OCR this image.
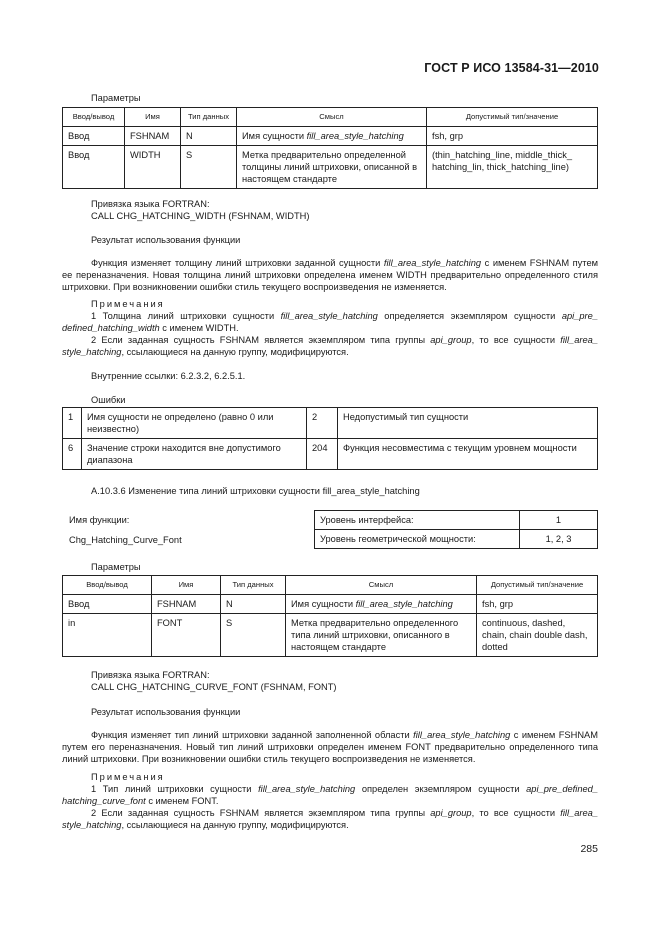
ГОСТ Р ИСО 13584-31—2010
Параметры
Ввод/вывод	Имя	Тип данных	Смысл	Допустимый тип/значение
Ввод	FSHNAM	N	Имя сущности fill_area_style_hatching	fsh, grp
Ввод	WIDTH	S	Метка предварительно определенной толщины линий штриховки, описанной в настоящем стандарте	(thin_hatching_line, middle_thick_ hatching_lin, thick_hatching_line)
Привязка языка FORTRAN:
CALL CHG_HATCHING_WIDTH (FSHNAM, WIDTH)
Результат использования функции
Функция изменяет толщину линий штриховки заданной сущности fill_area_style_hatching с именем FSHNAM путем ее переназначения. Новая толщина линий штриховки определена именем WIDTH предварительно определенного стиля штриховки. При возникновении ошибки стиль текущего воспроизведения не изменяется.
Примечания
1 Толщина линий штриховки сущности fill_area_style_hatching определяется экземпляром сущности api_pre_ defined_hatching_width с именем WIDTH.
2 Если заданная сущность FSHNAM является экземпляром типа группы api_group, то все сущности fill_area_ style_hatching, ссылающиеся на данную группу, модифицируются.
Внутренние ссылки: 6.2.3.2, 6.2.5.1.
Ошибки
1	Имя сущности не определено (равно 0 или неизвестно)	2	Недопустимый тип сущности
6	Значение строки находится вне допустимого диапазона	204	Функция несовместима с текущим уровнем мощности
А.10.3.6 Изменение типа линий штриховки сущности fill_area_style_hatching
Имя функции:
Chg_Hatching_Curve_Font
Уровень интерфейса:	1
Уровень геометрической мощности:	1, 2, 3
Параметры
Ввод/вывод	Имя	Тип данных	Смысл	Допустимый тип/значение
Ввод	FSHNAM	N	Имя сущности fill_area_style_hatching	fsh, grp
in	FONT	S	Метка предварительно определенного типа линий штриховки, описанного в настоящем стандарте	continuous, dashed, chain, chain double dash, dotted
Привязка языка FORTRAN:
CALL CHG_HATCHING_CURVE_FONT (FSHNAM, FONT)
Результат использования функции
Функция изменяет тип линий штриховки заданной заполненной области fill_area_style_hatching с именем FSHNAM путем его переназначения. Новый тип линий штриховки определен именем FONT предварительно определенного типа линий штриховки. При возникновении ошибки стиль текущего воспроизведения не изменяется.
Примечания
1 Тип линий штриховки сущности fill_area_style_hatching определен экземпляром сущности api_pre_defined_ hatching_curve_font с именем FONT.
2 Если заданная сущность FSHNAM является экземпляром типа группы api_group, то все сущности fill_area_ style_hatching, ссылающиеся на данную группу, модифицируются.
285
